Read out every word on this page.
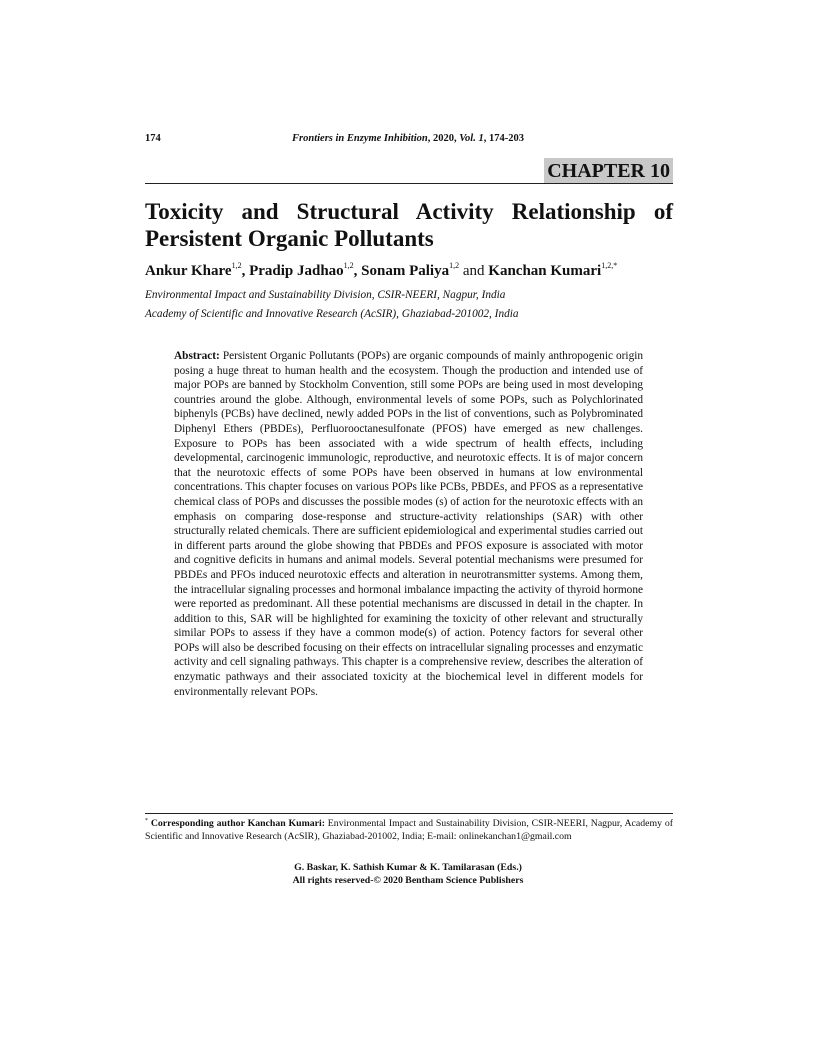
174	Frontiers in Enzyme Inhibition, 2020, Vol. 1, 174-203
CHAPTER 10
Toxicity and Structural Activity Relationship of Persistent Organic Pollutants
Ankur Khare$^{1,2}$, Pradip Jadhao$^{1,2}$, Sonam Paliya$^{1,2}$ and Kanchan Kumari$^{1,2,*}$
Environmental Impact and Sustainability Division, CSIR-NEERI, Nagpur, India
Academy of Scientific and Innovative Research (AcSIR), Ghaziabad-201002, India

Abstract: Persistent Organic Pollutants (POPs) are organic compounds of mainly anthropogenic origin posing a huge threat to human health and the ecosystem. Though the production and intended use of major POPs are banned by Stockholm Convention, still some POPs are being used in most developing countries around the globe. Although, environmental levels of some POPs, such as Polychlorinated biphenyls (PCBs) have declined, newly added POPs in the list of conventions, such as Polybrominated Diphenyl Ethers (PBDEs), Perfluorooctanesulfonate (PFOS) have emerged as new challenges. Exposure to POPs has been associated with a wide spectrum of health effects, including developmental, carcinogenic immunologic, reproductive, and neurotoxic effects. It is of major concern that the neurotoxic effects of some POPs have been observed in humans at low environmental concentrations. This chapter focuses on various POPs like PCBs, PBDEs, and PFOS as a representative chemical class of POPs and discusses the possible modes (s) of action for the neurotoxic effects with an emphasis on comparing dose-response and structure-activity relationships (SAR) with other structurally related chemicals. There are sufficient epidemiological and experimental studies carried out in different parts around the globe showing that PBDEs and PFOS exposure is associated with motor and cognitive deficits in humans and animal models. Several potential mechanisms were presumed for PBDEs and PFOs induced neurotoxic effects and alteration in neurotransmitter systems. Among them, the intracellular signaling processes and hormonal imbalance impacting the activity of thyroid hormone were reported as predominant. All these potential mechanisms are discussed in detail in the chapter. In addition to this, SAR will be highlighted for examining the toxicity of other relevant and structurally similar POPs to assess if they have a common mode(s) of action. Potency factors for several other POPs will also be described focusing on their effects on intracellular signaling processes and enzymatic activity and cell signaling pathways. This chapter is a comprehensive review, describes the alteration of enzymatic pathways and their associated toxicity at the biochemical level in different models for environmentally relevant POPs.

* Corresponding author Kanchan Kumari: Environmental Impact and Sustainability Division, CSIR-NEERI, Nagpur, Academy of Scientific and Innovative Research (AcSIR), Ghaziabad-201002, India; E-mail: onlinekanchan1@gmail.com

G. Baskar, K. Sathish Kumar & K. Tamilarasan (Eds.)
All rights reserved-© 2020 Bentham Science Publishers
